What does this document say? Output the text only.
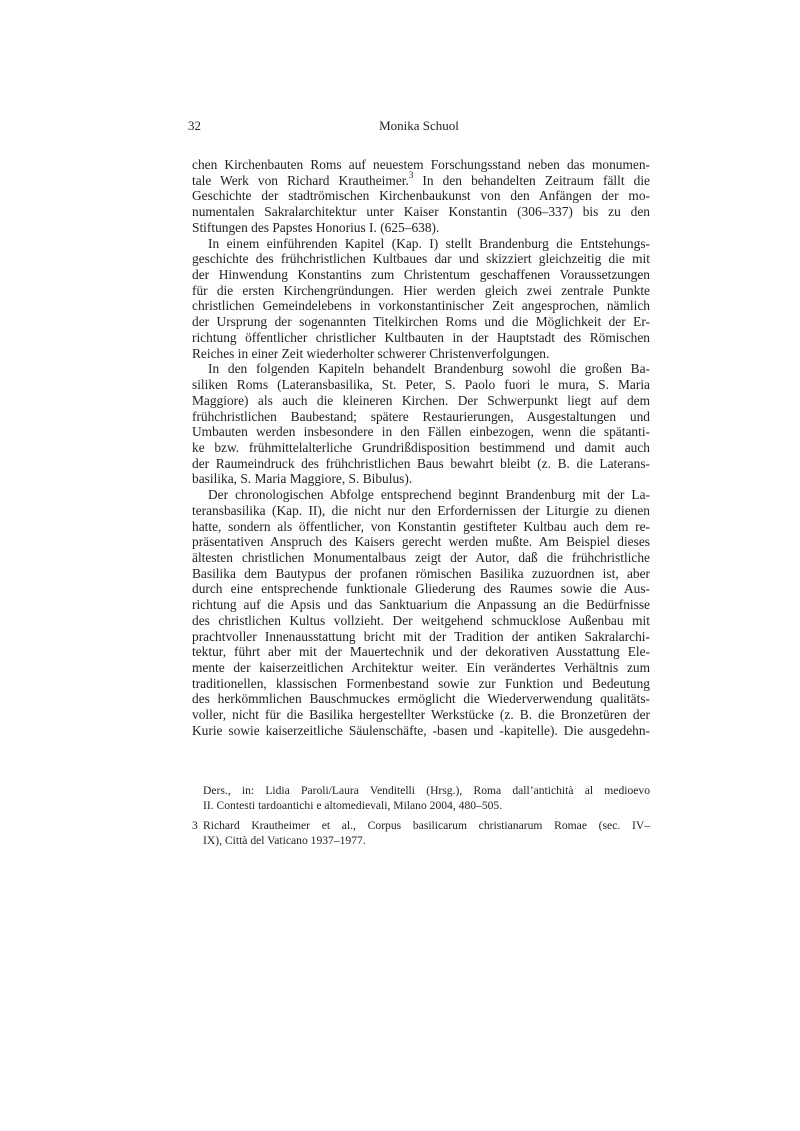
32	Monika Schuol
chen Kirchenbauten Roms auf neuestem Forschungsstand neben das monumen-
tale Werk von Richard Krautheimer.$^3$ In den behandelten Zeitraum fällt die
Geschichte der stadtrömischen Kirchenbaukunst von den Anfängen der mo-
numentalen Sakralarchitektur unter Kaiser Konstantin (306–337) bis zu den
Stiftungen des Papstes Honorius I. (625–638).
In einem einführenden Kapitel (Kap. I) stellt Brandenburg die Entstehungs-
geschichte des frühchristlichen Kultbaues dar und skizziert gleichzeitig die mit
der Hinwendung Konstantins zum Christentum geschaffenen Voraussetzungen
für die ersten Kirchengründungen. Hier werden gleich zwei zentrale Punkte
christlichen Gemeindelebens in vorkonstantinischer Zeit angesprochen, nämlich
der Ursprung der sogenannten Titelkirchen Roms und die Möglichkeit der Er-
richtung öffentlicher christlicher Kultbauten in der Hauptstadt des Römischen
Reiches in einer Zeit wiederholter schwerer Christenverfolgungen.
In den folgenden Kapiteln behandelt Brandenburg sowohl die großen Ba-
siliken Roms (Lateransbasilika, St. Peter, S. Paolo fuori le mura, S. Maria
Maggiore) als auch die kleineren Kirchen. Der Schwerpunkt liegt auf dem
frühchristlichen Baubestand; spätere Restaurierungen, Ausgestaltungen und
Umbauten werden insbesondere in den Fällen einbezogen, wenn die spätanti-
ke bzw. frühmittelalterliche Grundrißdisposition bestimmend und damit auch
der Raumeindruck des frühchristlichen Baus bewahrt bleibt (z. B. die Laterans-
basilika, S. Maria Maggiore, S. Bibulus).
Der chronologischen Abfolge entsprechend beginnt Brandenburg mit der La-
teransbasilika (Kap. II), die nicht nur den Erfordernissen der Liturgie zu dienen
hatte, sondern als öffentlicher, von Konstantin gestifteter Kultbau auch dem re-
präsentativen Anspruch des Kaisers gerecht werden mußte. Am Beispiel dieses
ältesten christlichen Monumentalbaus zeigt der Autor, daß die frühchristliche
Basilika dem Bautypus der profanen römischen Basilika zuzuordnen ist, aber
durch eine entsprechende funktionale Gliederung des Raumes sowie die Aus-
richtung auf die Apsis und das Sanktuarium die Anpassung an die Bedürfnisse
des christlichen Kultus vollzieht. Der weitgehend schmucklose Außenbau mit
prachtvoller Innenausstattung bricht mit der Tradition der antiken Sakralarchi-
tektur, führt aber mit der Mauertechnik und der dekorativen Ausstattung Ele-
mente der kaiserzeitlichen Architektur weiter. Ein verändertes Verhältnis zum
traditionellen, klassischen Formenbestand sowie zur Funktion und Bedeutung
des herkömmlichen Bauschmuckes ermöglicht die Wiederverwendung qualitäts-
voller, nicht für die Basilika hergestellter Werkstücke (z. B. die Bronzetüren der
Kurie sowie kaiserzeitliche Säulenschäfte, -basen und -kapitelle). Die ausgedehn-
Ders., in: Lidia Paroli/Laura Venditelli (Hrsg.), Roma dall’antichità al medioevo
II. Contesti tardoantichi e altomedievali, Milano 2004, 480–505.
3 Richard Krautheimer et al., Corpus basilicarum christianarum Romae (sec. IV–
IX), Città del Vaticano 1937–1977.
